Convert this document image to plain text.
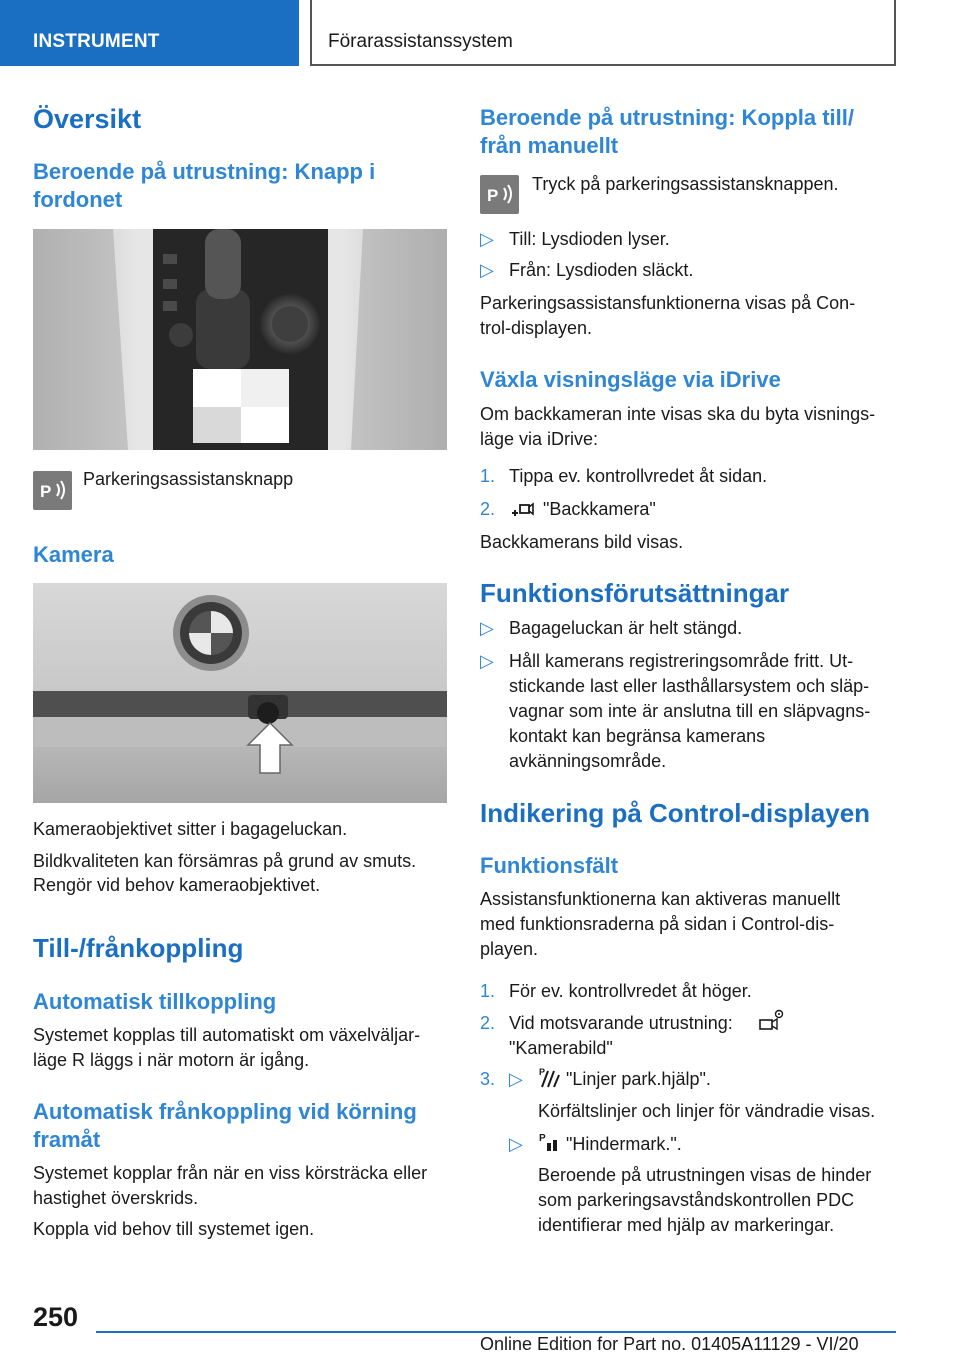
INSTRUMENT	Förarassistanssystem
Översikt
Beroende på utrustning: Knapp i
fordonet
P
Parkeringsassistansknapp
Kamera
Kameraobjektivet sitter i bagageluckan.
Bildkvaliteten kan försämras på grund av smuts.
Rengör vid behov kameraobjektivet.
Till-/frånkoppling
Automatisk tillkoppling
Systemet kopplas till automatiskt om växelväljar-
läge R läggs i när motorn är igång.
Automatisk frånkoppling vid körning
framåt
Systemet kopplar från när en viss körsträcka eller
hastighet överskrids.
Koppla vid behov till systemet igen.
Beroende på utrustning: Koppla till/
från manuellt
P
Tryck på parkeringsassistansknappen.
▷ Till: Lysdioden lyser.
▷ Från: Lysdioden släckt.
Parkeringsassistansfunktionerna visas på Con-
trol-displayen.
Växla visningsläge via iDrive
Om backkameran inte visas ska du byta visnings-
läge via iDrive:
1. Tippa ev. kontrollvredet åt sidan.
2.	"Backkamera"
Backkamerans bild visas.
Funktionsförutsättningar
▷ Bagageluckan är helt stängd.
▷ Håll kamerans registreringsområde fritt. Ut-
stickande last eller lasthållarsystem och släp-
vagnar som inte är anslutna till en släpvagns-
kontakt kan begränsa kamerans
avkänningsområde.
Indikering på Control-displayen
Funktionsfält
Assistansfunktionerna kan aktiveras manuellt
med funktionsraderna på sidan i Control-dis-
playen.
1. För ev. kontrollvredet åt höger.
2. Vid motsvarande utrustning:
"Kamerabild"
3. ▷ P "Linjer park.hjälp".
Körfältslinjer och linjer för vändradie visas.
▷ P "Hindermark.".
Beroende på utrustningen visas de hinder
som parkeringsavståndskontrollen PDC
identifierar med hjälp av markeringar.
250
Online Edition for Part no. 01405A11129 - VI/20
